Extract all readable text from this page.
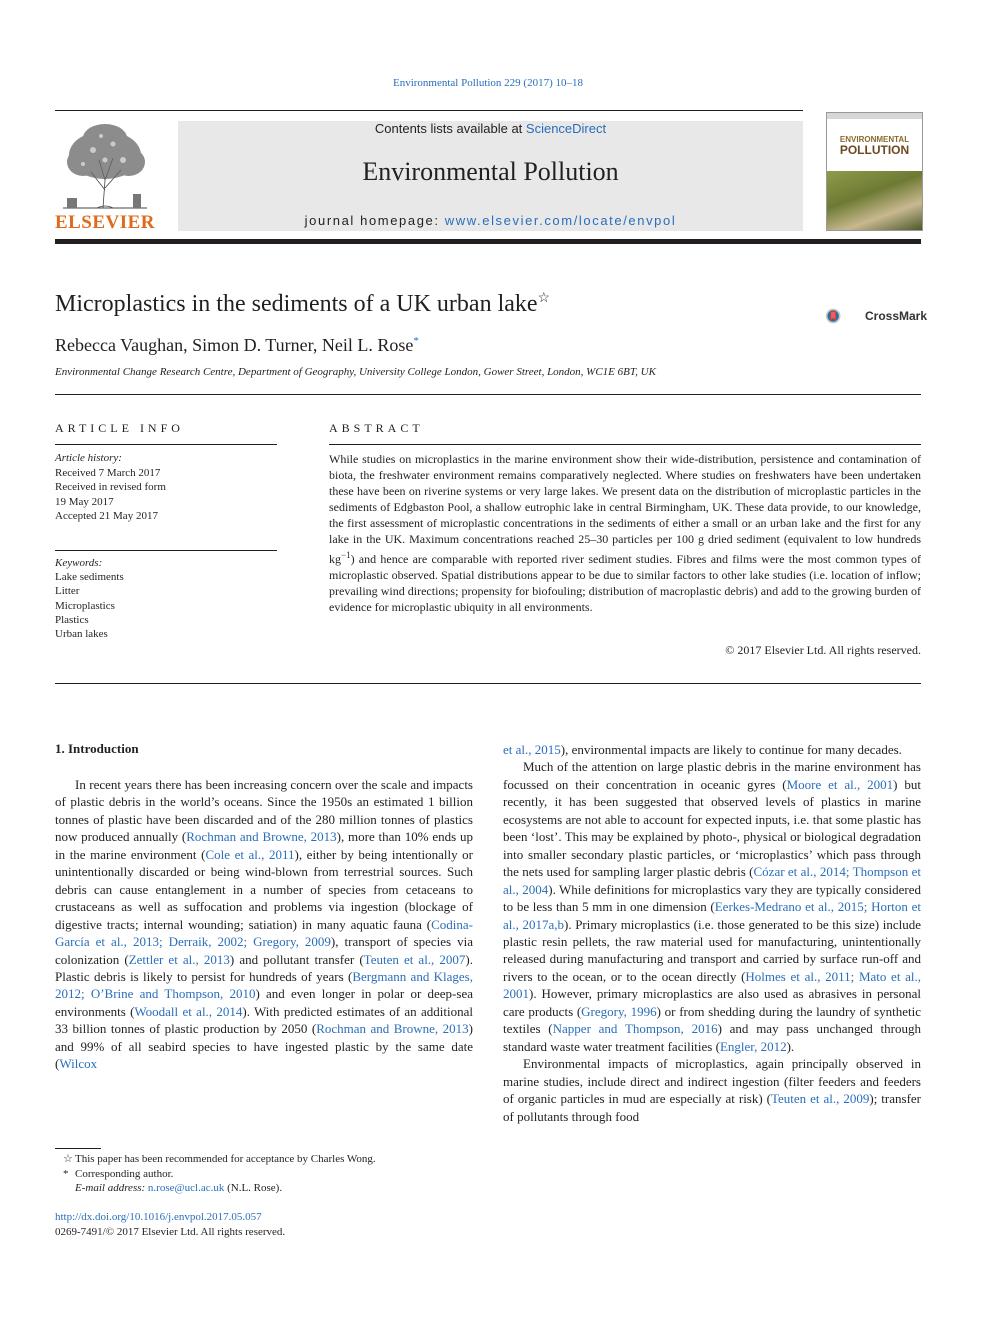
Environmental Pollution 229 (2017) 10–18
ELSEVIER
Contents lists available at ScienceDirect
Environmental Pollution
journal homepage: www.elsevier.com/locate/envpol
ENVIRONMENTAL
POLLUTION
Microplastics in the sediments of a UK urban lake☆
CrossMark
Rebecca Vaughan, Simon D. Turner, Neil L. Rose*
Environmental Change Research Centre, Department of Geography, University College London, Gower Street, London, WC1E 6BT, UK
ARTICLE INFO	ABSTRACT
Article history:
Received 7 March 2017
Received in revised form
19 May 2017
Accepted 21 May 2017
Keywords:
Lake sediments
Litter
Microplastics
Plastics
Urban lakes
While studies on microplastics in the marine environment show their wide-distribution, persistence and contamination of biota, the freshwater environment remains comparatively neglected. Where studies on freshwaters have been undertaken these have been on riverine systems or very large lakes. We present data on the distribution of microplastic particles in the sediments of Edgbaston Pool, a shallow eutrophic lake in central Birmingham, UK. These data provide, to our knowledge, the first assessment of microplastic concentrations in the sediments of either a small or an urban lake and the first for any lake in the UK. Maximum concentrations reached 25–30 particles per 100 g dried sediment (equivalent to low hundreds $kg^{-1}$) and hence are comparable with reported river sediment studies. Fibres and films were the most common types of microplastic observed. Spatial distributions appear to be due to similar factors to other lake studies (i.e. location of inflow; prevailing wind directions; propensity for biofouling; distribution of macroplastic debris) and add to the growing burden of evidence for microplastic ubiquity in all environments.
© 2017 Elsevier Ltd. All rights reserved.
1. Introduction

In recent years there has been increasing concern over the scale and impacts of plastic debris in the world’s oceans. Since the 1950s an estimated 1 billion tonnes of plastic have been discarded and of the 280 million tonnes of plastics now produced annually (Rochman and Browne, 2013), more than 10% ends up in the marine environment (Cole et al., 2011), either by being intentionally or unintentionally discarded or being wind-blown from terrestrial sources. Such debris can cause entanglement in a number of species from cetaceans to crustaceans as well as suffocation and problems via ingestion (blockage of digestive tracts; internal wounding; satiation) in many aquatic fauna (Codina-García et al., 2013; Derraik, 2002; Gregory, 2009), transport of species via colonization (Zettler et al., 2013) and pollutant transfer (Teuten et al., 2007). Plastic debris is likely to persist for hundreds of years (Bergmann and Klages, 2012; O’Brine and Thompson, 2010) and even longer in polar or deep-sea environments (Woodall et al., 2014). With predicted estimates of an additional 33 billion tonnes of plastic production by 2050 (Rochman and Browne, 2013) and 99% of all seabird species to have ingested plastic by the same date (Wilcox

et al., 2015), environmental impacts are likely to continue for many decades.

Much of the attention on large plastic debris in the marine environment has focussed on their concentration in oceanic gyres (Moore et al., 2001) but recently, it has been suggested that observed levels of plastics in marine ecosystems are not able to account for expected inputs, i.e. that some plastic has been ‘lost’. This may be explained by photo-, physical or biological degradation into smaller secondary plastic particles, or ‘microplastics’ which pass through the nets used for sampling larger plastic debris (Cózar et al., 2014; Thompson et al., 2004). While definitions for microplastics vary they are typically considered to be less than 5 mm in one dimension (Eerkes-Medrano et al., 2015; Horton et al., 2017a,b). Primary microplastics (i.e. those generated to be this size) include plastic resin pellets, the raw material used for manufacturing, unintentionally released during manufacturing and transport and carried by surface run-off and rivers to the ocean, or to the ocean directly (Holmes et al., 2011; Mato et al., 2001). However, primary microplastics are also used as abrasives in personal care products (Gregory, 1996) or from shedding during the laundry of synthetic textiles (Napper and Thompson, 2016) and may pass unchanged through standard waste water treatment facilities (Engler, 2012).

Environmental impacts of microplastics, again principally observed in marine studies, include direct and indirect ingestion (filter feeders and feeders of organic particles in mud are especially at risk) (Teuten et al., 2009); transfer of pollutants through food

☆ This paper has been recommended for acceptance by Charles Wong.
* Corresponding author.
E-mail address: n.rose@ucl.ac.uk (N.L. Rose).
http://dx.doi.org/10.1016/j.envpol.2017.05.057
0269-7491/© 2017 Elsevier Ltd. All rights reserved.
